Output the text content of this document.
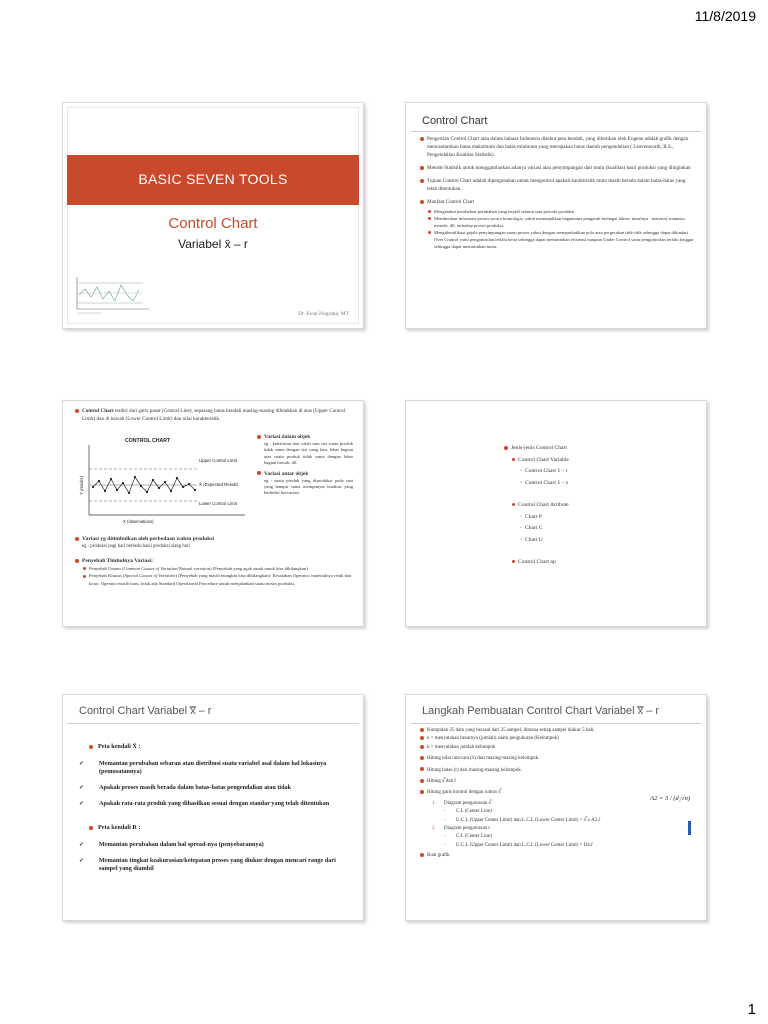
11/8/2019
BASIC SEVEN TOOLS
Control Chart
Variabel x̄ – r
Dr. Evan Nugraha, MT
Control Chart
Pengertian Control Chart atau dalam bahasa Indonesia disebut peta kendali, yang diberikan oleh Eugene adalah grafik dengan mencantumkan batas maksimum dan batas minimum yang merupakan batas daerah pengendalian ( Leavenworth, R.S., Pengendalian Kualitas Statistik).
Metode Statistik untuk menggambarkan adanya variasi atau penyimpangan dari mutu (kualitas) hasil produksi yang diinginkan
Tujuan Control Chart adalah dipergunakan untuk mengontrol apakah karaktristik mutu masih berada dalam batas-batas yang telah ditentukan.
Manfaat Control Chart
Mengetahui perubahan-perubahan yang terjadi selama satu periode produksi.
Memberikan informasi proses secara kronologis, yakni menunjukkan bagaimana pengaruh berbagai faktor, misalnya : material, manusia, metode, dll. terhadap proses produksi.
Mengidentifikasi gejala penyimpangan suatu proses yakni dengan memperhatikan pola atau pergerakan titik-titik sehingga dapat dihindari Over Control yaitu pengontrolan terlalu ketat sehingga dapat menurunkan efisiensi maupun Under Control yaitu pengontrolan terlalu longgar sehingga dapat menurunkan mutu.
Control Chart terdiri dari garis pusat (Central Line), sepasang batas kendali masing-masing diletakkan di atas (Upper Control Limit) dan di bawah (Lower Control Limit) dan nilai karakteristik.
CONTROL CHART
Upper Control Limit
X̄ (Expected Result)
Lower Control Limit
X (observations)
Y (results)
Variasi dalam objek
eg : kehalusan dari salah satu sisi suatu produk tidak sama dengan sisi yang lain, lebar bagian atas suatu produk tidak sama dengan lebar bagian bawah, dll
Variasi antar objek
eg : suatu produk yang diproduksi pada saat yang hampir sama mempunyai kualitas yang berbeda/ bervariasi
Variasi yg ditimbulkan oleh perbedaan waktu produksi
eg : produksi pagi hari berbeda hasil produksi siang hari
Penyebab Timbulnya Variasi:
Penyebab Umum (Common Causes of Variation/Natural variation) (Penyebab yang agak susah untuk bisa dihilangkan)
Penyebab Khusus (Special Causes of Variation) (Penyebab yang masih mungkin bisa dihilangkan): Kesalahan Operator, materialnya retak dan kotor, Operator masih baru, tidak ada Standard Operational Procedure untuk menjalankan suatu mesin produksi.
Jenis-jenis Control Chart
Control Chart Variable
◦ Control Chart x̄ – r
◦ Control Chart x̄ – s
Control Chart Atribute
◦ Chart P
◦ Chart C
◦ Chart U
Control Chart np
Control Chart Variabel x̿ – r
Peta kendali X̄ :
✓ Memantau perubahan sebaran atau distribusi suatu variabel asal dalam hal lokasinya (pemusatannya)
✓ Apakah proses masih berada dalam batas-batas pengendalian atau tidak
✓ Apakah rata-rata produk yang dihasilkan sesuai dengan standar yang telah ditentukan
Peta kendali R :
✓ Memantau perubahan dalam hal spread-nya (penyebarannya)
✓ Memantau tingkat keakurasian/ketepatan proses yang diukur dengan mencari range dari sampel yang diambil
Langkah Pembuatan Control Chart Variabel x̿ – r
Kumpulan 25 data yang berasal dari 25 sampel, dimana setiap sampel diukur 5 kali.
n = menyatakan besarnya (jumlah) suatu pengukuran (Kelompok)
k = menyatakan jumlah kelompok
Hitung nilai rata-rata (x̄) dari masing-masing kelompok.
Hitung batas (r) dari masing-masing kelompok.
Hitung x̿ dan r̄
Hitung garis kontrol dengan rumus x̿
1. Diagram pengawasan x̿
◦ C.L (Center Line)
◦ U.C.L (Upper Center Limit) dan L.C.L (Lower Center Limit) = x̿ ± A2.r̄
2. Diagram pengawasan r
◦ C.L (Center Line)
◦ U.C.L (Upper Center Limit) dan L.C.L (Lower Center Limit) = D4.r̄
Buat grafik
A2 = 3 / (d₂√n)
1
